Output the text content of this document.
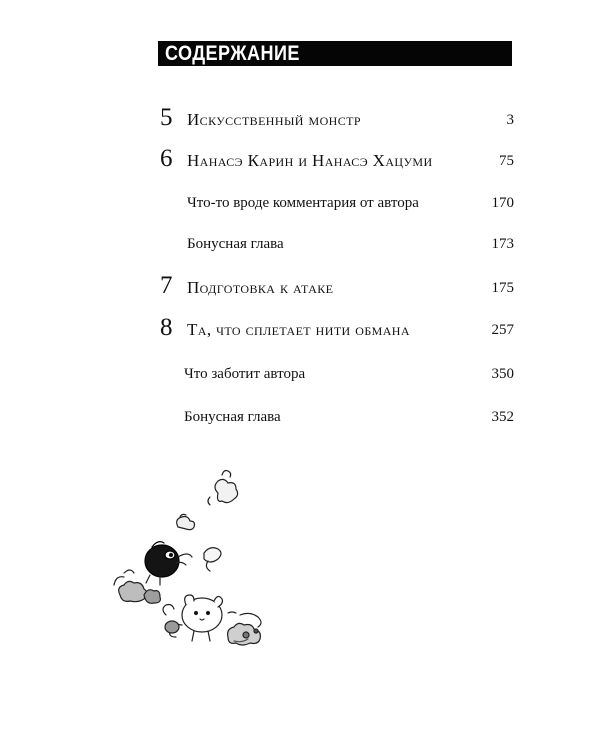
СОДЕРЖАНИЕ
5 Искусственный монстр	3
6 Нанасэ Карин и Нанасэ Хацуми	75
Что-то вроде комментария от автора	170
Бонусная глава	173
7 Подготовка к атаке	175
8 Та, что сплетает нити обмана	257
Что заботит автора	350
Бонусная глава	352
